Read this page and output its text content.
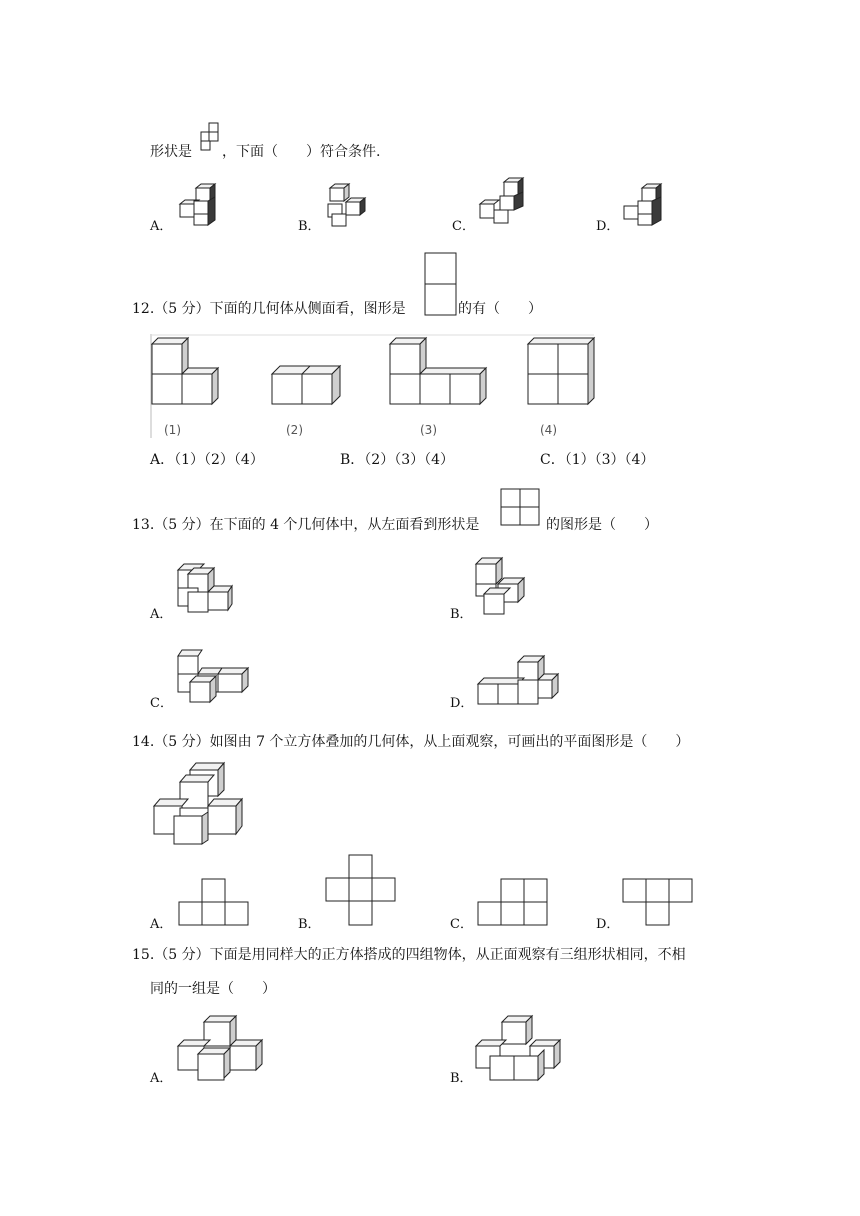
形状是 ，下面（　　）符合条件.
A．	B．	C．	D．
12.（5 分）下面的几何体从侧面看，图形是	的有（　　）
(1)	(2)	(3)	(4)
A．（1）（2）（4）	B．（2）（3）（4）	C．（1）（3）（4）
13.（5 分）在下面的 4 个几何体中，从左面看到形状是	的图形是（　　）
A．	B．
C．	D．
14.（5 分）如图由 7 个立方体叠加的几何体，从上面观察，可画出的平面图形是（　　）
A．	B．	C．	D．
15.（5 分）下面是用同样大的正方体搭成的四组物体，从正面观察有三组形状相同，不相
同的一组是（　　）
A．	B．
